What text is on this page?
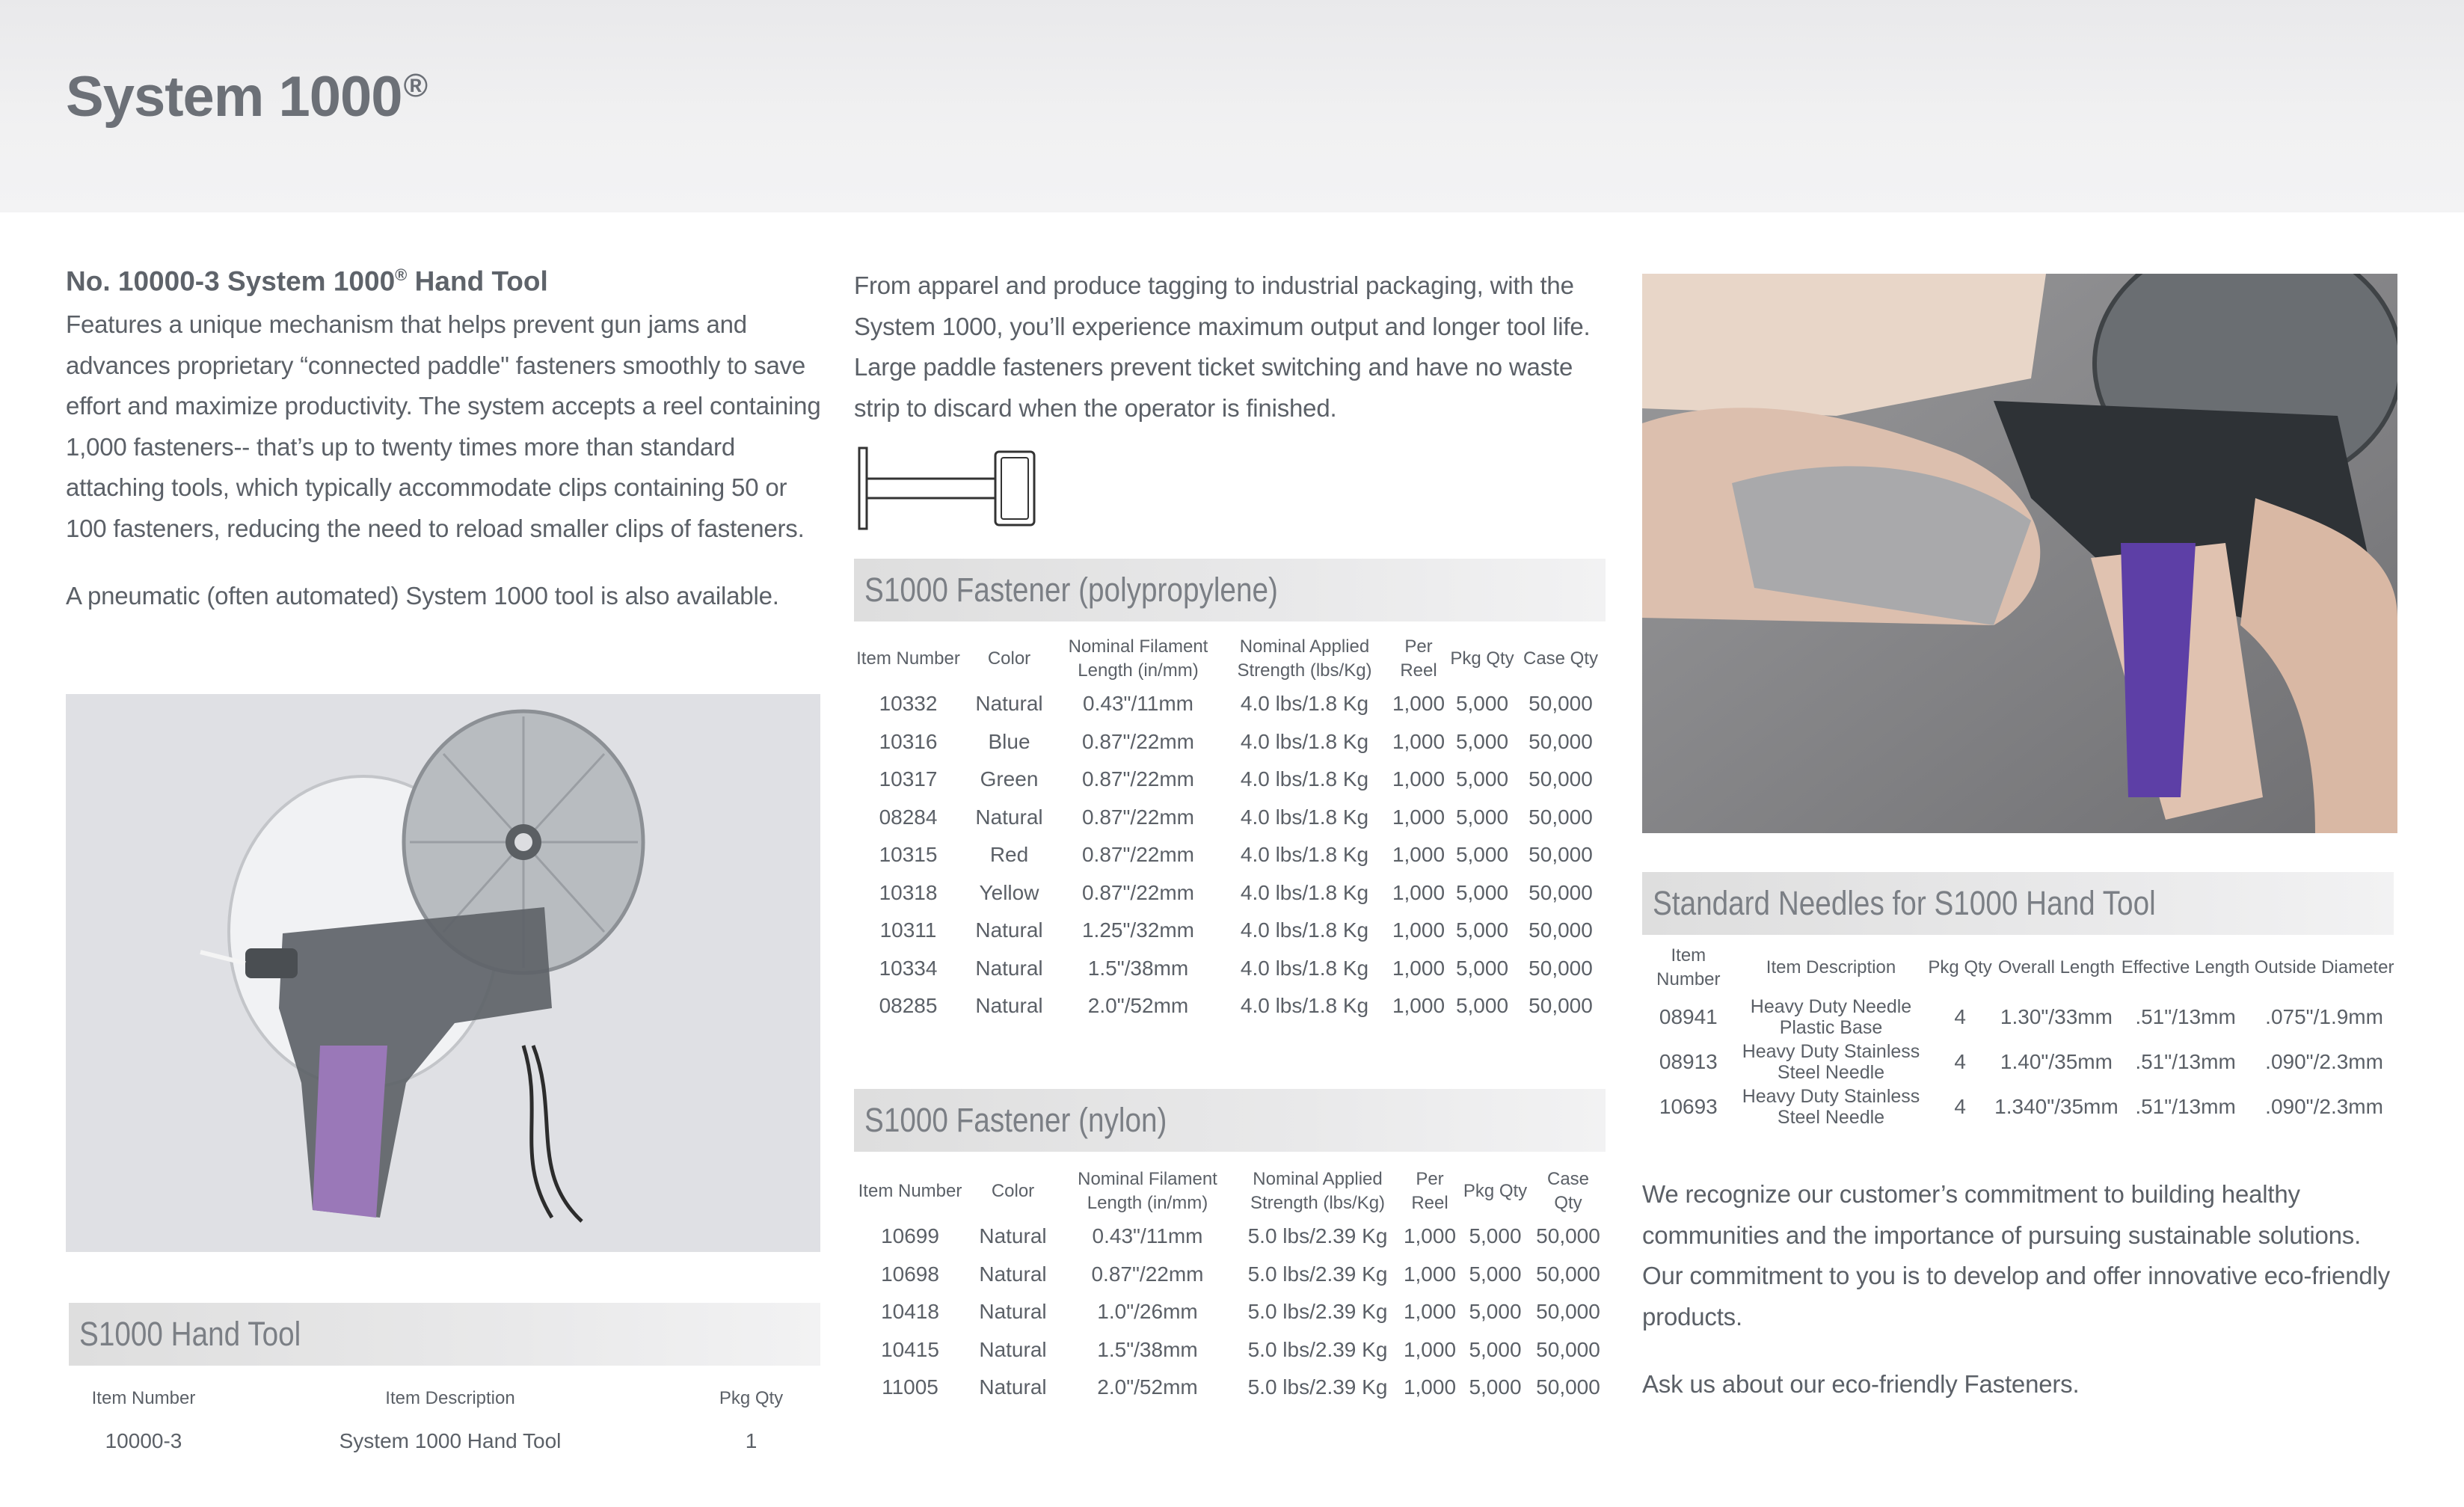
System 1000®
No. 10000-3 System 1000® Hand Tool

Features a unique mechanism that helps prevent gun jams and advances proprietary “connected paddle" fasteners smoothly to save effort and maximize productivity. The system accepts a reel containing 1,000 fasteners-- that’s up to twenty times more than standard attaching tools, which typically accommodate clips containing 50 or 100 fasteners, reducing the need to reload smaller clips of fasteners.

A pneumatic (often automated) System 1000 tool is also available.

S1000 Hand Tool
Item Number	Item Description	Pkg Qty
10000-3	System 1000 Hand Tool	1

From apparel and produce tagging to industrial packaging, with the System 1000, you’ll experience maximum output and longer tool life. Large paddle fasteners prevent ticket switching and have no waste strip to discard when the operator is finished.

S1000 Fastener (polypropylene)
Item Number	Color	Nominal Filament Length (in/mm)	Nominal Applied Strength (lbs/Kg)	Per Reel	Pkg Qty	Case Qty
10332	Natural	0.43"/11mm	4.0 lbs/1.8 Kg	1,000	5,000	50,000
10316	Blue	0.87"/22mm	4.0 lbs/1.8 Kg	1,000	5,000	50,000
10317	Green	0.87"/22mm	4.0 lbs/1.8 Kg	1,000	5,000	50,000
08284	Natural	0.87"/22mm	4.0 lbs/1.8 Kg	1,000	5,000	50,000
10315	Red	0.87"/22mm	4.0 lbs/1.8 Kg	1,000	5,000	50,000
10318	Yellow	0.87"/22mm	4.0 lbs/1.8 Kg	1,000	5,000	50,000
10311	Natural	1.25"/32mm	4.0 lbs/1.8 Kg	1,000	5,000	50,000
10334	Natural	1.5"/38mm	4.0 lbs/1.8 Kg	1,000	5,000	50,000
08285	Natural	2.0"/52mm	4.0 lbs/1.8 Kg	1,000	5,000	50,000
S1000 Fastener (nylon)
Item Number	Color	Nominal Filament Length (in/mm)	Nominal Applied Strength (lbs/Kg)	Per Reel	Pkg Qty	Case Qty
10699	Natural	0.43"/11mm	5.0 lbs/2.39 Kg	1,000	5,000	50,000
10698	Natural	0.87"/22mm	5.0 lbs/2.39 Kg	1,000	5,000	50,000
10418	Natural	1.0"/26mm	5.0 lbs/2.39 Kg	1,000	5,000	50,000
10415	Natural	1.5"/38mm	5.0 lbs/2.39 Kg	1,000	5,000	50,000
11005	Natural	2.0"/52mm	5.0 lbs/2.39 Kg	1,000	5,000	50,000
Standard Needles for S1000 Hand Tool
Item Number	Item Description	Pkg Qty	Overall Length	Effective Length	Outside Diameter
08941	Heavy Duty Needle Plastic Base	4	1.30"/33mm	.51"/13mm	.075"/1.9mm
08913	Heavy Duty Stainless Steel Needle	4	1.40"/35mm	.51"/13mm	.090"/2.3mm
10693	Heavy Duty Stainless Steel Needle	4	1.340"/35mm	.51"/13mm	.090"/2.3mm

We recognize our customer’s commitment to building healthy communities and the importance of pursuing sustainable solutions. Our commitment to you is to develop and offer innovative eco-friendly products.

Ask us about our eco-friendly Fasteners.
